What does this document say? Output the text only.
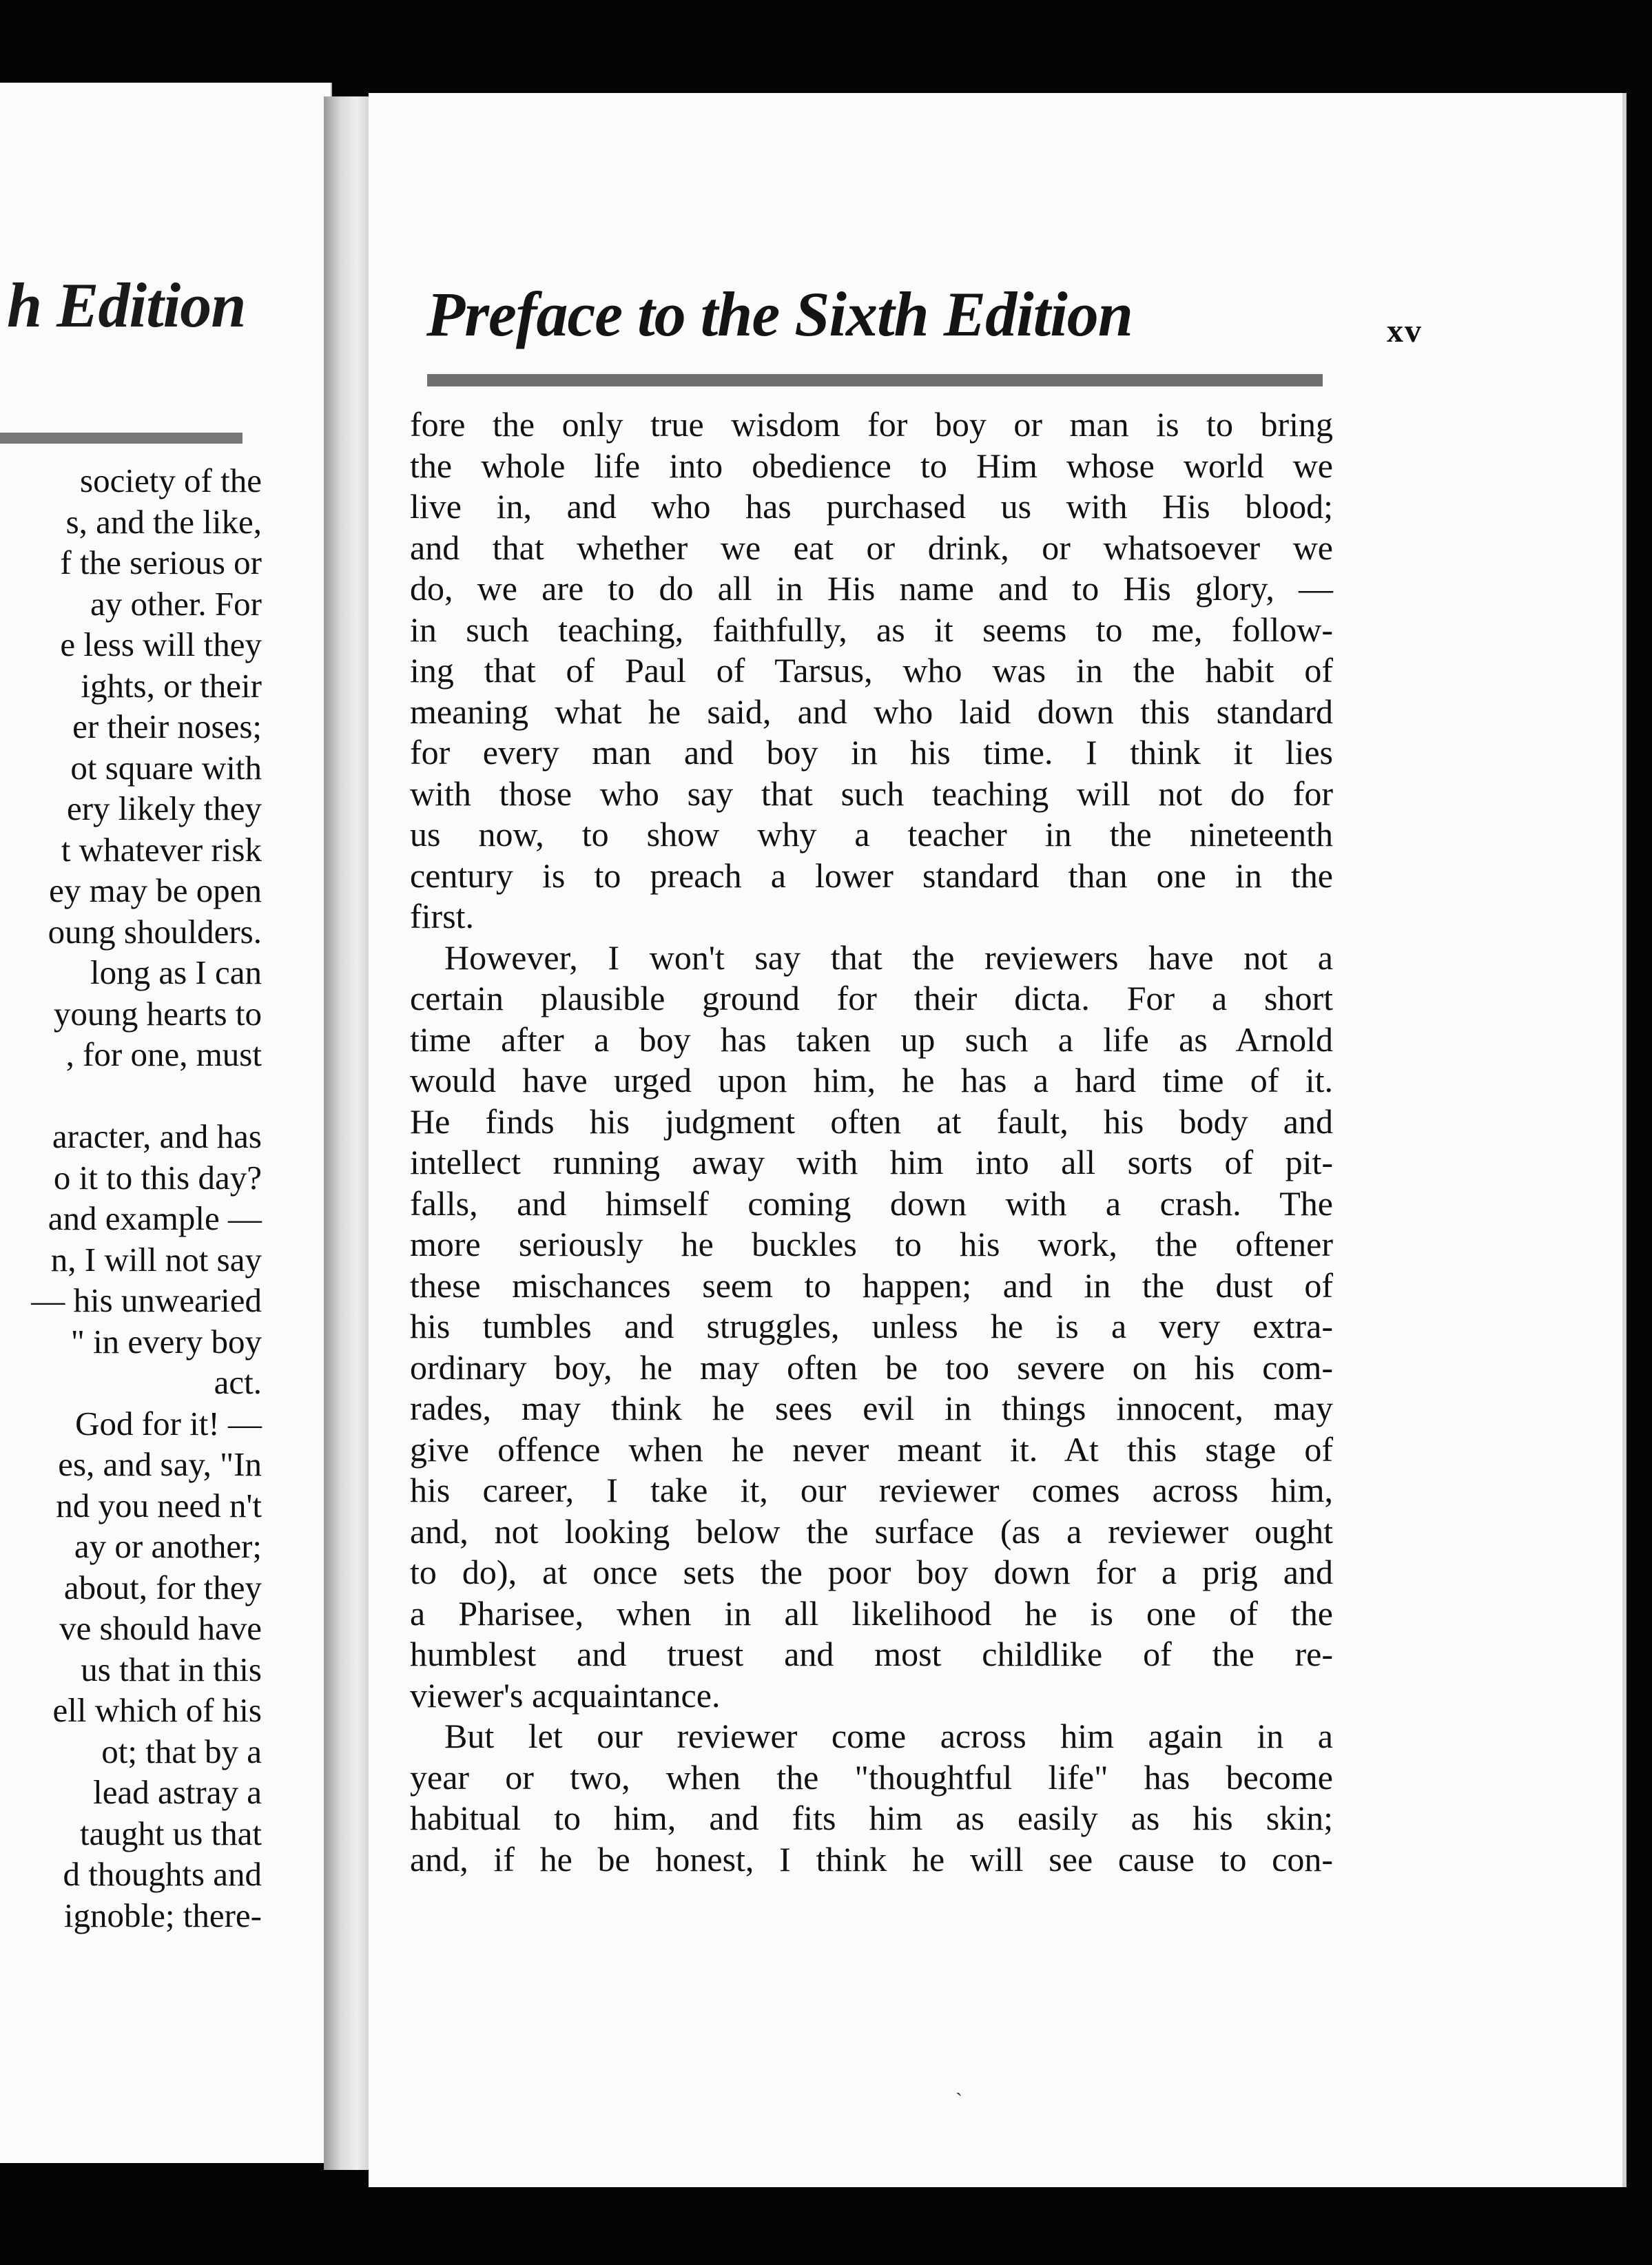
h Edition
society of the
s, and the like,
f the serious or
ay other. For
e less will they
ights, or their
er their noses;
ot square with
ery likely they
t whatever risk
ey may be open
oung shoulders.
long as I can
young hearts to
, for one, must

aracter, and has
o it to this day?
and example —
n, I will not say
— his unwearied
" in every boy
act.
God for it! —
es, and say, "In
nd you need n't
ay or another;
about, for they
ve should have
us that in this
ell which of his
ot; that by a
lead astray a
taught us that
d thoughts and
ignoble; there-
Preface to the Sixth Edition	xv
fore the only true wisdom for boy or man is to bring
the whole life into obedience to Him whose world we
live in, and who has purchased us with His blood;
and that whether we eat or drink, or whatsoever we
do, we are to do all in His name and to His glory, —
in such teaching, faithfully, as it seems to me, follow-
ing that of Paul of Tarsus, who was in the habit of
meaning what he said, and who laid down this standard
for every man and boy in his time. I think it lies
with those who say that such teaching will not do for
us now, to show why a teacher in the nineteenth
century is to preach a lower standard than one in the
first.
However, I won't say that the reviewers have not a
certain plausible ground for their dicta. For a short
time after a boy has taken up such a life as Arnold
would have urged upon him, he has a hard time of it.
He finds his judgment often at fault, his body and
intellect running away with him into all sorts of pit-
falls, and himself coming down with a crash. The
more seriously he buckles to his work, the oftener
these mischances seem to happen; and in the dust of
his tumbles and struggles, unless he is a very extra-
ordinary boy, he may often be too severe on his com-
rades, may think he sees evil in things innocent, may
give offence when he never meant it. At this stage of
his career, I take it, our reviewer comes across him,
and, not looking below the surface (as a reviewer ought
to do), at once sets the poor boy down for a prig and
a Pharisee, when in all likelihood he is one of the
humblest and truest and most childlike of the re-
viewer's acquaintance.
But let our reviewer come across him again in a
year or two, when the "thoughtful life" has become
habitual to him, and fits him as easily as his skin;
and, if he be honest, I think he will see cause to con-
ˎ
